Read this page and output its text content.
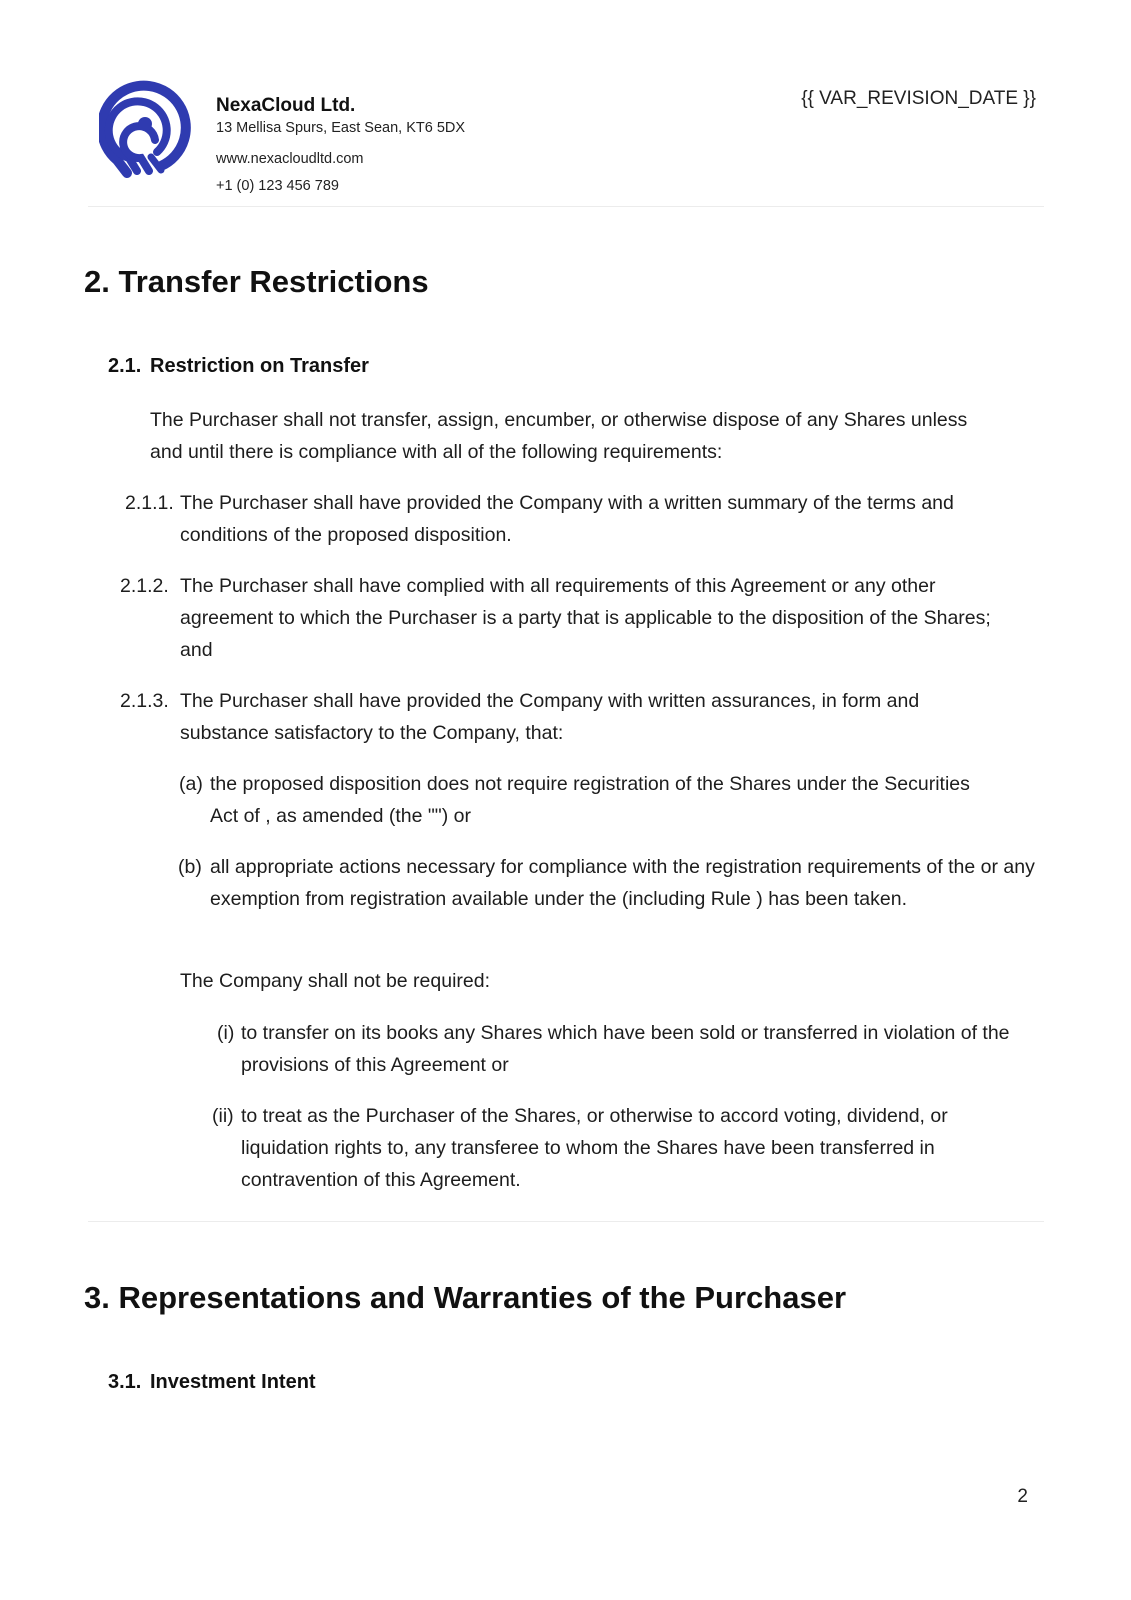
NexaCloud Ltd.

13 Mellisa Spurs, East Sean, KT6 5DX

www.nexacloudltd.com

+1 (0) 123 456 789

{{ VAR_REVISION_DATE }}
2. Transfer Restrictions
2.1. Restriction on Transfer

The Purchaser shall not transfer, assign, encumber, or otherwise dispose of any Shares unless and until there is compliance with all of the following requirements:

2.1.1. The Purchaser shall have provided the Company with a written summary of the terms and conditions of the proposed disposition.
2.1.2. The Purchaser shall have complied with all requirements of this Agreement or any other agreement to which the Purchaser is a party that is applicable to the disposition of the Shares; and
2.1.3. The Purchaser shall have provided the Company with written assurances, in form and substance satisfactory to the Company, that:
(a) the proposed disposition does not require registration of the Shares under the Securities Act of , as amended (the "") or
(b) all appropriate actions necessary for compliance with the registration requirements of the or any exemption from registration available under the (including Rule ) has been taken.

The Company shall not be required:

(i) to transfer on its books any Shares which have been sold or transferred in violation of the provisions of this Agreement or
(ii) to treat as the Purchaser of the Shares, or otherwise to accord voting, dividend, or liquidation rights to, any transferee to whom the Shares have been transferred in contravention of this Agreement.
3. Representations and Warranties of the Purchaser
3.1. Investment Intent
2
